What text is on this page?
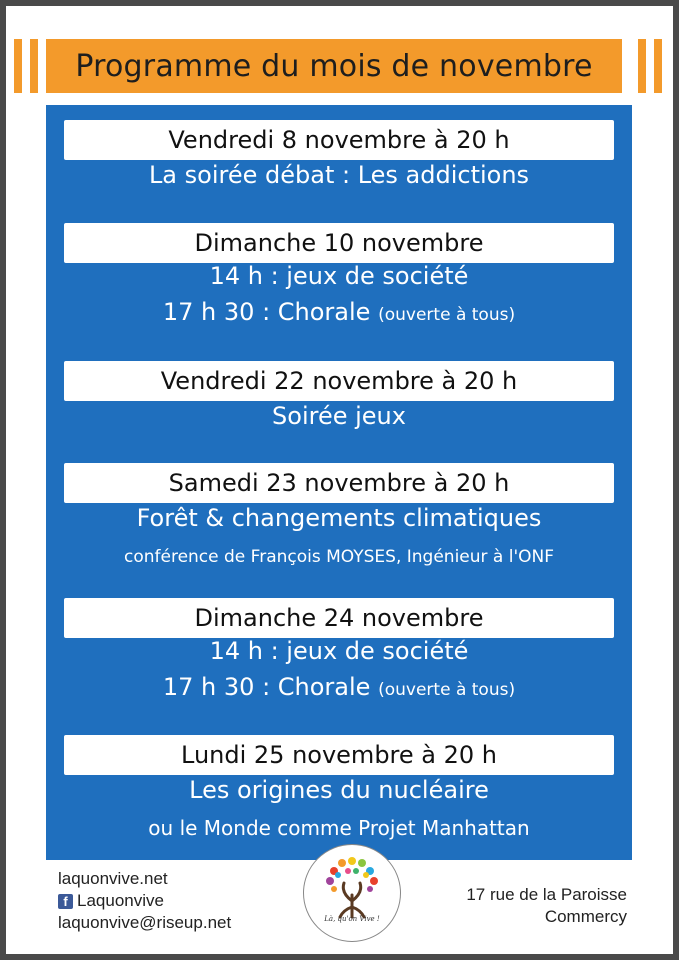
Programme du mois de novembre
Vendredi 8 novembre à 20 h
La soirée débat : Les addictions
Dimanche 10 novembre
14 h : jeux de société
17 h 30 : Chorale (ouverte à tous)
Vendredi 22 novembre à 20 h
Soirée jeux
Samedi 23 novembre à 20 h
Forêt & changements climatiques
conférence de François MOYSES, Ingénieur à l'ONF
Dimanche 24 novembre
14 h : jeux de société
17 h 30 : Chorale (ouverte à tous)
Lundi 25 novembre à 20 h
Les origines du nucléaire
ou le Monde comme Projet Manhattan
laquonvive.net
f Laquonvive
laquonvive@riseup.net	Là, qu'on Vive !
17 rue de la Paroisse
Commercy
